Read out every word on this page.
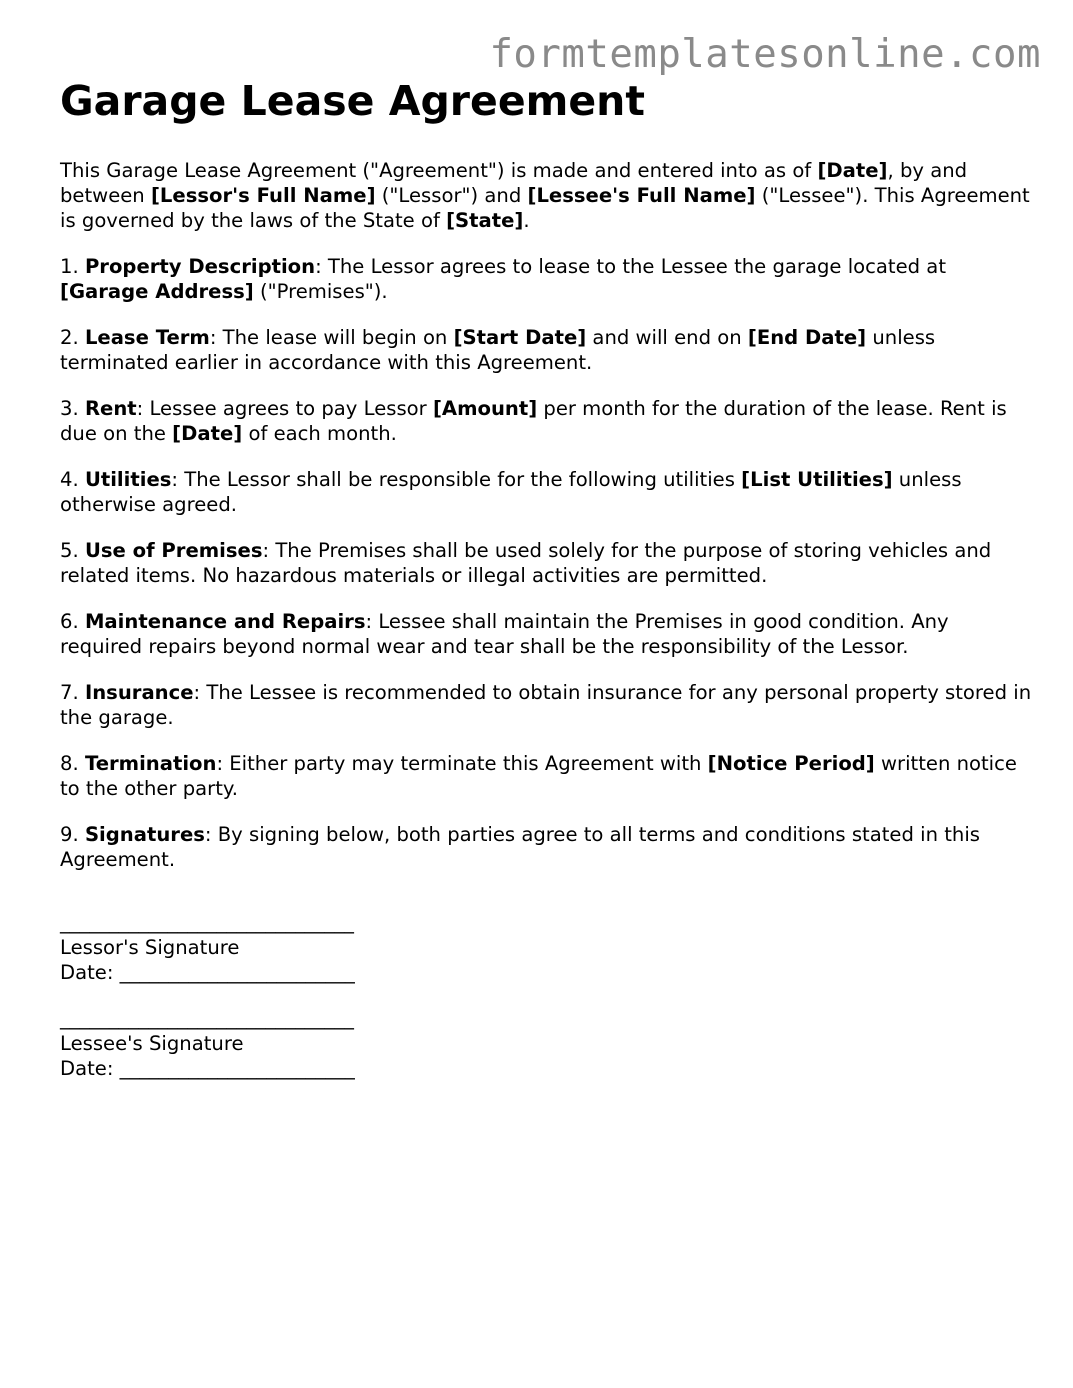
formtemplatesonline.com
Garage Lease Agreement

This Garage Lease Agreement ("Agreement") is made and entered into as of [Date], by and between [Lessor's Full Name] ("Lessor") and [Lessee's Full Name] ("Lessee"). This Agreement is governed by the laws of the State of [State].

1. Property Description: The Lessor agrees to lease to the Lessee the garage located at [Garage Address] ("Premises").

2. Lease Term: The lease will begin on [Start Date] and will end on [End Date] unless terminated earlier in accordance with this Agreement.

3. Rent: Lessee agrees to pay Lessor [Amount] per month for the duration of the lease. Rent is due on the [Date] of each month.

4. Utilities: The Lessor shall be responsible for the following utilities [List Utilities] unless otherwise agreed.

5. Use of Premises: The Premises shall be used solely for the purpose of storing vehicles and related items. No hazardous materials or illegal activities are permitted.

6. Maintenance and Repairs: Lessee shall maintain the Premises in good condition. Any required repairs beyond normal wear and tear shall be the responsibility of the Lessor.

7. Insurance: The Lessee is recommended to obtain insurance for any personal property stored in the garage.

8. Termination: Either party may terminate this Agreement with [Notice Period] written notice to the other party.

9. Signatures: By signing below, both parties agree to all terms and conditions stated in this Agreement.

______________________________
Lessor's Signature
Date: ________________________
______________________________
Lessee's Signature
Date: ________________________
